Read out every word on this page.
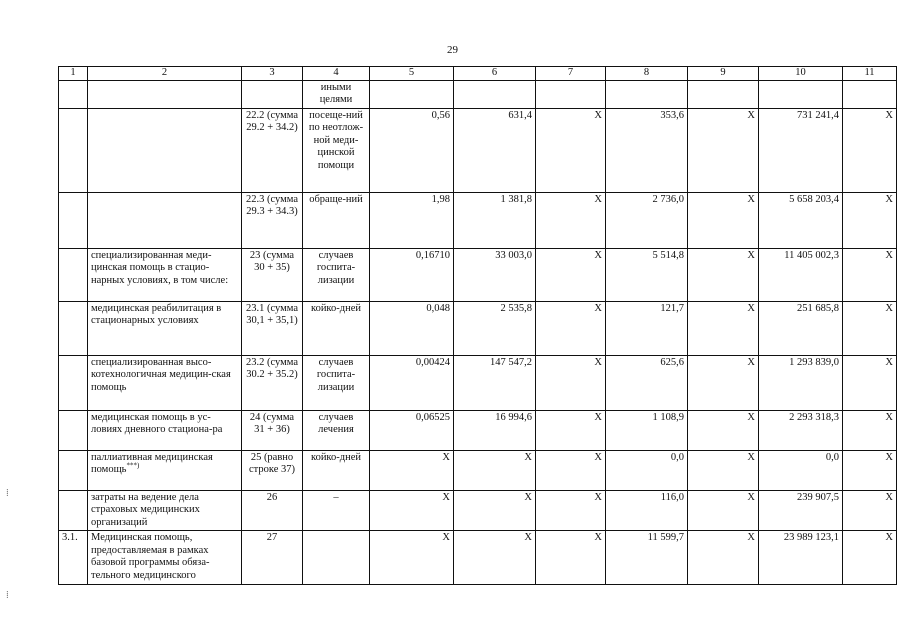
29
1	2	3	4	5	6	7	8	9	10	11
			иными целями							
		22.2 (сумма 29.2 + 34.2)	посеще-ний по неотлож-ной меди-цинской помощи	0,56	631,4	X	353,6	X	731 241,4	X
		22.3 (сумма 29.3 + 34.3)	обраще-ний	1,98	1 381,8	X	2 736,0	X	5 658 203,4	X
	специализированная меди-цинская помощь в стацио-нарных условиях, в том числе:	23 (сумма 30 + 35)	случаев госпита-лизации	0,16710	33 003,0	X	5 514,8	X	11 405 002,3	X
	медицинская реабилитация в стационарных условиях	23.1 (сумма 30,1 + 35,1)	койко-дней	0,048	2 535,8	X	121,7	X	251 685,8	X
	специализированная высо-котехнологичная медицин-ская помощь	23.2 (сумма 30.2 + 35.2)	случаев госпита-лизации	0,00424	147 547,2	X	625,6	X	1 293 839,0	X
	медицинская помощь в ус-ловиях дневного стациона-ра	24 (сумма 31 + 36)	случаев лечения	0,06525	16 994,6	X	1 108,9	X	2 293 318,3	X
	паллиативная медицинская помощь***)	25 (равно строке 37)	койко-дней	X	X	X	0,0	X	0,0	X
	затраты на ведение дела страховых медицинских организаций	26	–	X	X	X	116,0	X	239 907,5	X
3.1.	Медицинская помощь, предоставляемая в рамках базовой программы обяза-тельного медицинского	27		X	X	X	11 599,7	X	23 989 123,1	X
⁞
⁞
